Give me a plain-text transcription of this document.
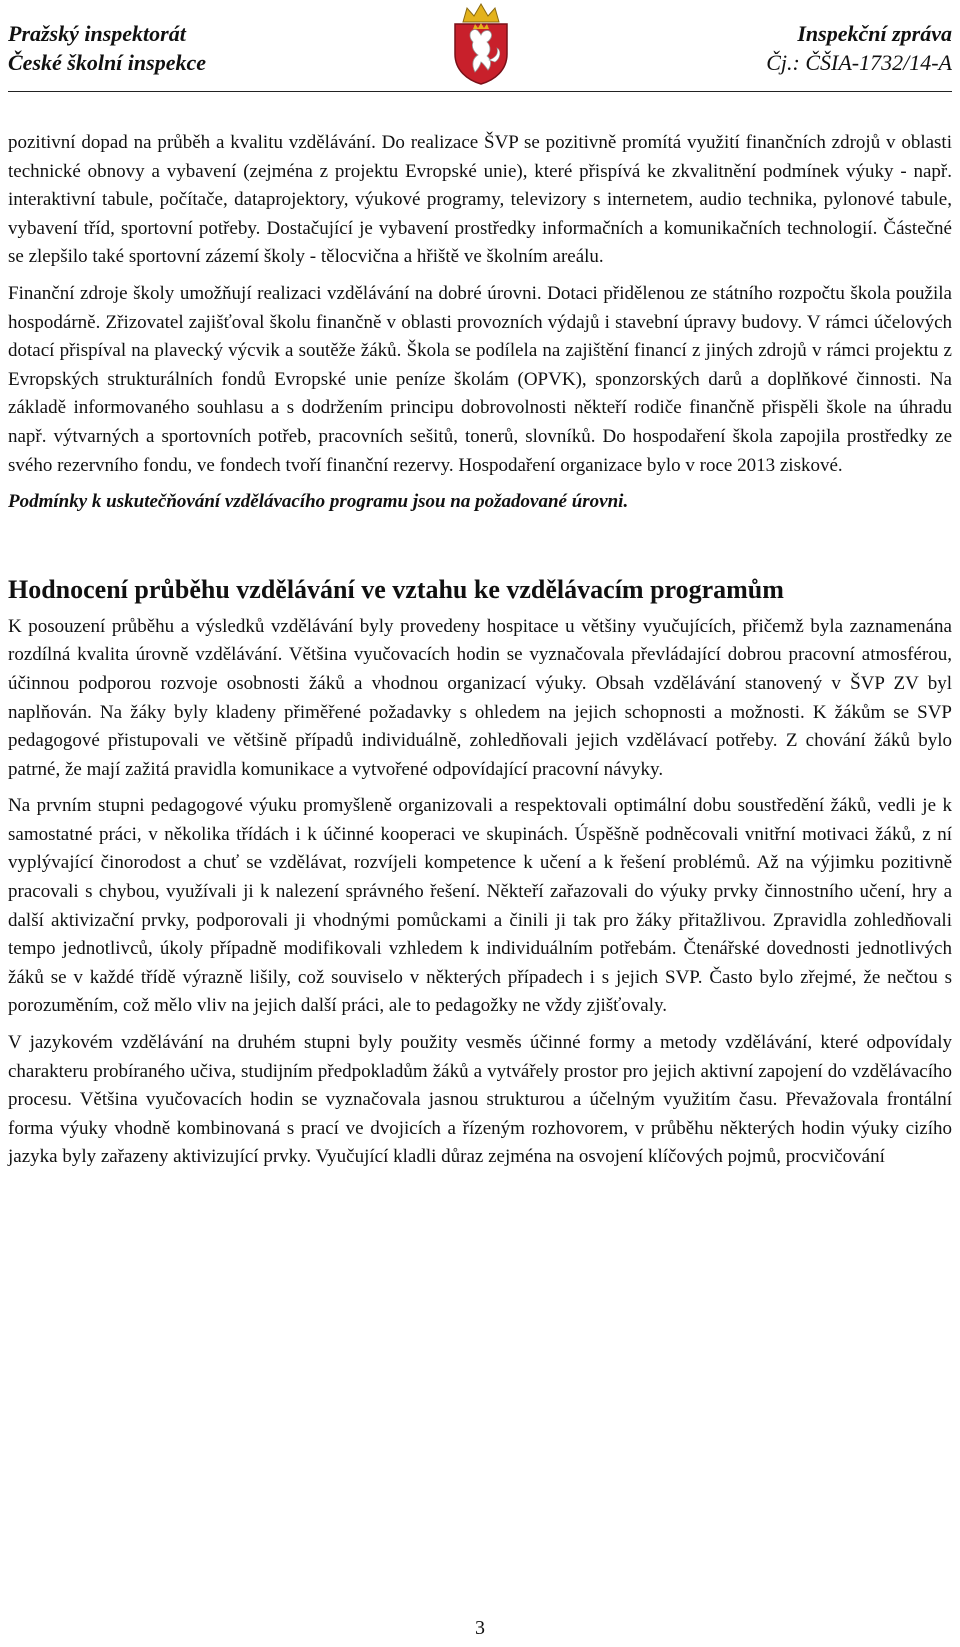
Pražský inspektorát
České školní inspekce
Inspekční zpráva
Čj.: ČŠIA-1732/14-A

pozitivní dopad na průběh a kvalitu vzdělávání. Do realizace ŠVP se pozitivně promítá využití finančních zdrojů v oblasti technické obnovy a vybavení (zejména z projektu Evropské unie), které přispívá ke zkvalitnění podmínek výuky - např. interaktivní tabule, počítače, dataprojektory, výukové programy, televizory s internetem, audio technika, pylonové tabule, vybavení tříd, sportovní potřeby. Dostačující je vybavení prostředky informačních a komunikačních technologií. Částečné se zlepšilo také sportovní zázemí školy - tělocvična a hřiště ve školním areálu.

Finanční zdroje školy umožňují realizaci vzdělávání na dobré úrovni. Dotaci přidělenou ze státního rozpočtu škola použila hospodárně. Zřizovatel zajišťoval školu finančně v oblasti provozních výdajů i stavební úpravy budovy. V rámci účelových dotací přispíval na plavecký výcvik a soutěže žáků. Škola se podílela na zajištění financí z jiných zdrojů v rámci projektu z Evropských strukturálních fondů Evropské unie peníze školám (OPVK), sponzorských darů a doplňkové činnosti. Na základě informovaného souhlasu a s dodržením principu dobrovolnosti někteří rodiče finančně přispěli škole na úhradu např. výtvarných a sportovních potřeb, pracovních sešitů, tonerů, slovníků. Do hospodaření škola zapojila prostředky ze svého rezervního fondu, ve fondech tvoří finanční rezervy. Hospodaření organizace bylo v roce 2013 ziskové.

Podmínky k uskutečňování vzdělávacího programu jsou na požadované úrovni.

Hodnocení průběhu vzdělávání ve vztahu ke vzdělávacím programům

K posouzení průběhu a výsledků vzdělávání byly provedeny hospitace u většiny vyučujících, přičemž byla zaznamenána rozdílná kvalita úrovně vzdělávání. Většina vyučovacích hodin se vyznačovala převládající dobrou pracovní atmosférou, účinnou podporou rozvoje osobnosti žáků a vhodnou organizací výuky. Obsah vzdělávání stanovený v ŠVP ZV byl naplňován. Na žáky byly kladeny přiměřené požadavky s ohledem na jejich schopnosti a možnosti. K žákům se SVP pedagogové přistupovali ve většině případů individuálně, zohledňovali jejich vzdělávací potřeby. Z chování žáků bylo patrné, že mají zažitá pravidla komunikace a vytvořené odpovídající pracovní návyky.

Na prvním stupni pedagogové výuku promyšleně organizovali a respektovali optimální dobu soustředění žáků, vedli je k samostatné práci, v několika třídách i k účinné kooperaci ve skupinách. Úspěšně podněcovali vnitřní motivaci žáků, z ní vyplývající činorodost a chuť se vzdělávat, rozvíjeli kompetence k učení a k řešení problémů. Až na výjimku pozitivně pracovali s chybou, využívali ji k nalezení správného řešení. Někteří zařazovali do výuky prvky činnostního učení, hry a další aktivizační prvky, podporovali ji vhodnými pomůckami a činili ji tak pro žáky přitažlivou. Zpravidla zohledňovali tempo jednotlivců, úkoly případně modifikovali vzhledem k individuálním potřebám. Čtenářské dovednosti jednotlivých žáků se v každé třídě výrazně lišily, což souviselo v některých případech i s jejich SVP. Často bylo zřejmé, že nečtou s porozuměním, což mělo vliv na jejich další práci, ale to pedagožky ne vždy zjišťovaly.

V jazykovém vzdělávání na druhém stupni byly použity vesměs účinné formy a metody vzdělávání, které odpovídaly charakteru probíraného učiva, studijním předpokladům žáků a vytvářely prostor pro jejich aktivní zapojení do vzdělávacího procesu. Většina vyučovacích hodin se vyznačovala jasnou strukturou a účelným využitím času. Převažovala frontální forma výuky vhodně kombinovaná s prací ve dvojicích a řízeným rozhovorem, v průběhu některých hodin výuky cizího jazyka byly zařazeny aktivizující prvky. Vyučující kladli důraz zejména na osvojení klíčových pojmů, procvičování

3
